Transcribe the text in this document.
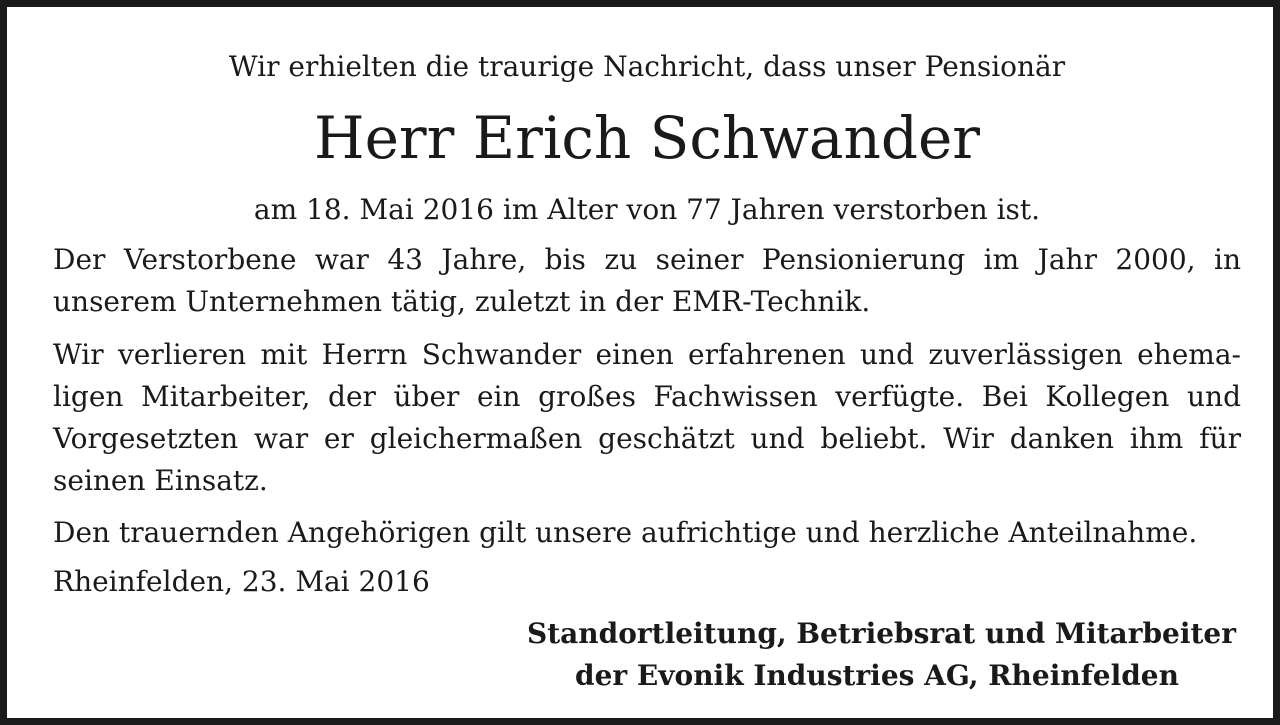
Wir erhielten die traurige Nachricht, dass unser Pensionär
Herr Erich Schwander
am 18. Mai 2016 im Alter von 77 Jahren verstorben ist.
Der Verstorbene war 43 Jahre, bis zu seiner Pensionierung im Jahr 2000, in
unserem Unternehmen tätig, zuletzt in der EMR-Technik.
Wir verlieren mit Herrn Schwander einen erfahrenen und zuverlässigen ehema-
ligen Mitarbeiter, der über ein großes Fachwissen verfügte. Bei Kollegen und
Vorgesetzten war er gleichermaßen geschätzt und beliebt. Wir danken ihm für
seinen Einsatz.
Den trauernden Angehörigen gilt unsere aufrichtige und herzliche Anteilnahme.
Rheinfelden, 23. Mai 2016
Standortleitung, Betriebsrat und Mitarbeiter
der Evonik Industries AG, Rheinfelden
